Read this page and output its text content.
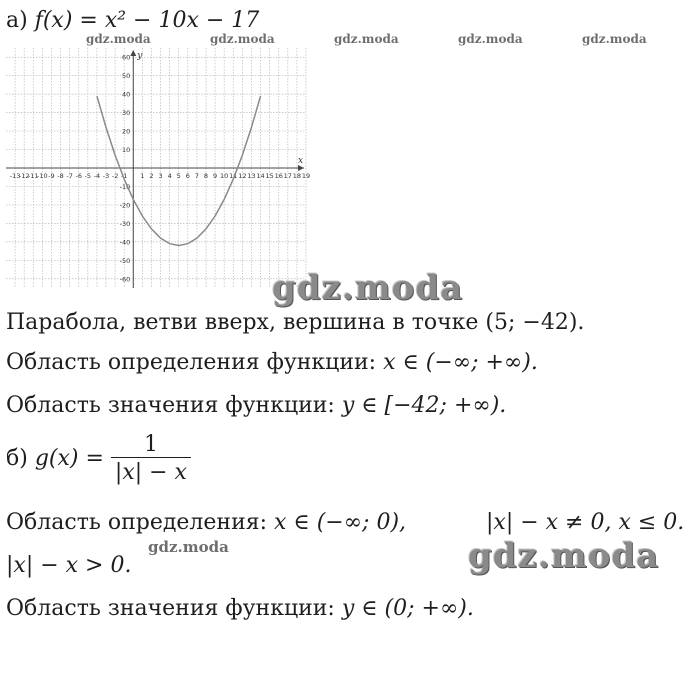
а) f(x) = x² − 10x − 17
gdz.moda	gdz.moda	gdz.moda	gdz.moda	gdz.moda
x
y
-13
-12
-11
-10 -9 -8 -7 -6 -5 -4 -3 -2 -1 1 2 3 4 5 6 7 8 9 10 11 12 13 14 15 16 17 18 19
60
50
40
30
20
10
-10
-20
-30
-40
-50
-60	gdz.moda
Парабола, ветви вверх, вершина в точке (5; −42).
Область определения функции: x ∈ (−∞; +∞).
Область значения функции: y ∈ [−42; +∞).
б) $g(x) = \frac{1}{|x| - x}$
Область определения: x ∈ (−∞; 0),	|x| − x ≠ 0, x ≤ 0.
gdz.moda
|x| − x > 0.	gdz.moda
Область значения функции: y ∈ (0; +∞).
